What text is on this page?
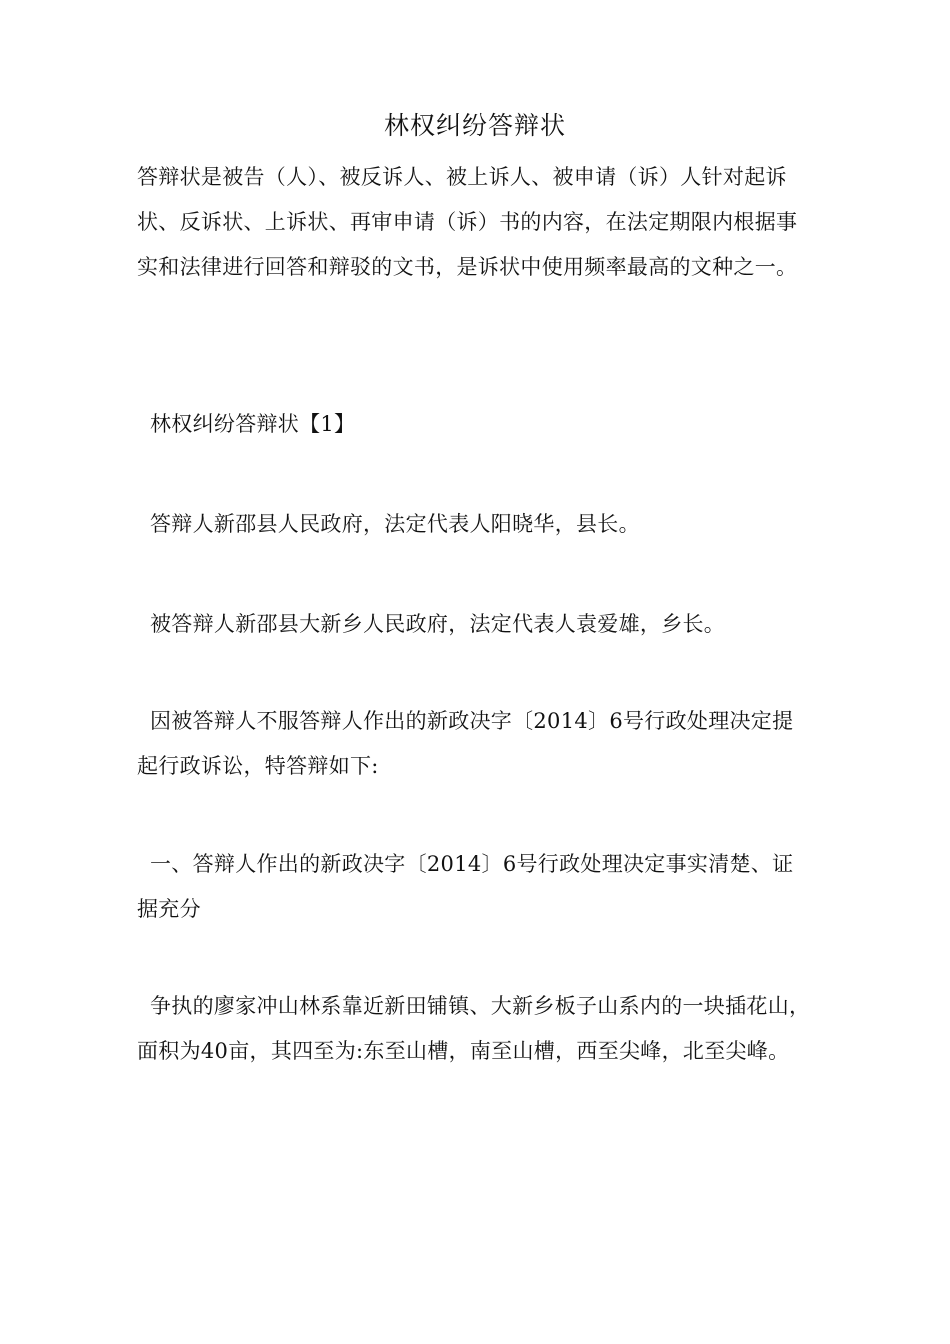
林权纠纷答辩状
答辩状是被告（人）、被反诉人、被上诉人、被申请（诉）人针对起诉状、反诉状、上诉状、再审申请（诉）书的内容，在法定期限内根据事实和法律进行回答和辩驳的文书，是诉状中使用频率最高的文种之一。
林权纠纷答辩状【1】
答辩人新邵县人民政府，法定代表人阳晓华，县长。
被答辩人新邵县大新乡人民政府，法定代表人袁爱雄，乡长。
因被答辩人不服答辩人作出的新政决字〔2014〕6号行政处理决定提起行政诉讼，特答辩如下:
一、答辩人作出的新政决字〔2014〕6号行政处理决定事实清楚、证据充分
争执的廖家冲山林系靠近新田铺镇、大新乡板子山系内的一块插花山，面积为40亩，其四至为:东至山槽，南至山槽，西至尖峰，北至尖峰。
